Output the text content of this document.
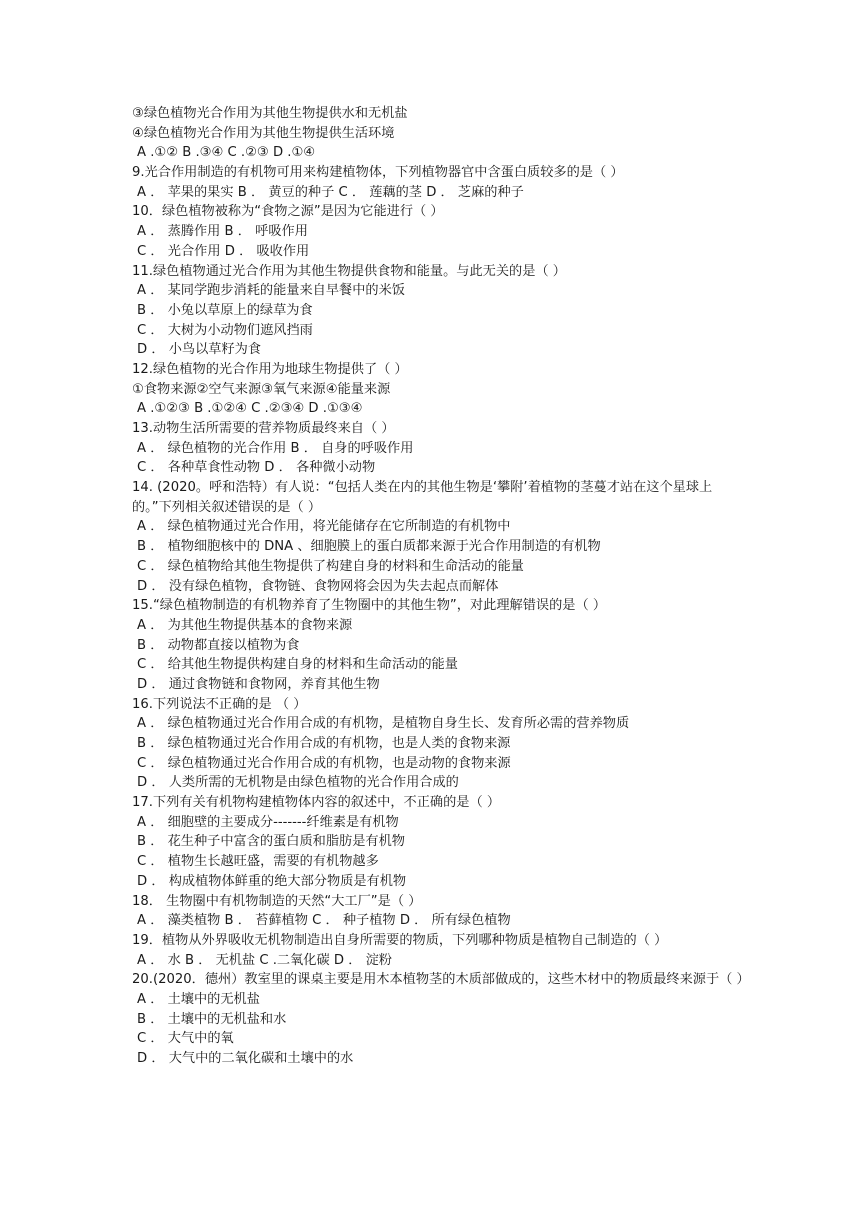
③绿色植物光合作用为其他生物提供水和无机盐
④绿色植物光合作用为其他生物提供生活环境
A .①② B .③④ C .②③ D .①④
9.光合作用制造的有机物可用来构建植物体，下列植物器官中含蛋白质较多的是（ ）
A ． 苹果的果实 B ． 黄豆的种子 C ． 莲藕的茎 D ． 芝麻的种子
10．绿色植物被称为“食物之源”是因为它能进行（ ）
A ． 蒸腾作用 B ． 呼吸作用
C ． 光合作用 D ． 吸收作用
11.绿色植物通过光合作用为其他生物提供食物和能量。与此无关的是（ ）
A ． 某同学跑步消耗的能量来自早餐中的米饭
B ． 小兔以草原上的绿草为食
C ． 大树为小动物们遮风挡雨
D ． 小鸟以草籽为食
12.绿色植物的光合作用为地球生物提供了（ ）
①食物来源②空气来源③氧气来源④能量来源
A .①②③ B .①②④ C .②③④ D .①③④
13.动物生活所需要的营养物质最终来自（ ）
A ． 绿色植物的光合作用 B ． 自身的呼吸作用
C ． 各种草食性动物 D ． 各种微小动物
14. (2020。呼和浩特）有人说：“包括人类在内的其他生物是‘攀附’着植物的茎蔓才站在这个星球上的。”下列相关叙述错误的是（ ）
A ． 绿色植物通过光合作用，将光能储存在它所制造的有机物中
B ． 植物细胞核中的 DNA 、细胞膜上的蛋白质都来源于光合作用制造的有机物
C ． 绿色植物给其他生物提供了构建自身的材料和生命活动的能量
D ． 没有绿色植物，食物链、食物网将会因为失去起点而解体
15.“绿色植物制造的有机物养育了生物圈中的其他生物”，对此理解错误的是（ ）
A ． 为其他生物提供基本的食物来源
B ． 动物都直接以植物为食
C ． 给其他生物提供构建自身的材料和生命活动的能量
D ． 通过食物链和食物网，养育其他生物
16.下列说法不正确的是 （ ）
A ． 绿色植物通过光合作用合成的有机物，是植物自身生长、发育所必需的营养物质
B ． 绿色植物通过光合作用合成的有机物，也是人类的食物来源
C ． 绿色植物通过光合作用合成的有机物，也是动物的食物来源
D ． 人类所需的无机物是由绿色植物的光合作用合成的
17.下列有关有机物构建植物体内容的叙述中，不正确的是（ ）
A ． 细胞壁的主要成分-------纤维素是有机物
B ． 花生种子中富含的蛋白质和脂肪是有机物
C ． 植物生长越旺盛，需要的有机物越多
D ． 构成植物体鲜重的绝大部分物质是有机物
18． 生物圈中有机物制造的天然“大工厂”是（ ）
A ． 藻类植物 B ． 苔藓植物 C ． 种子植物 D ． 所有绿色植物
19．植物从外界吸收无机物制造出自身所需要的物质，下列哪种物质是植物自己制造的（ ）
A ． 水 B ． 无机盐 C .二氧化碳 D ． 淀粉
20.(2020．德州）教室里的课桌主要是用木本植物茎的木质部做成的，这些木材中的物质最终来源于（ ）
A ． 土壤中的无机盐
B ． 土壤中的无机盐和水
C ． 大气中的氧
D ． 大气中的二氧化碳和土壤中的水
